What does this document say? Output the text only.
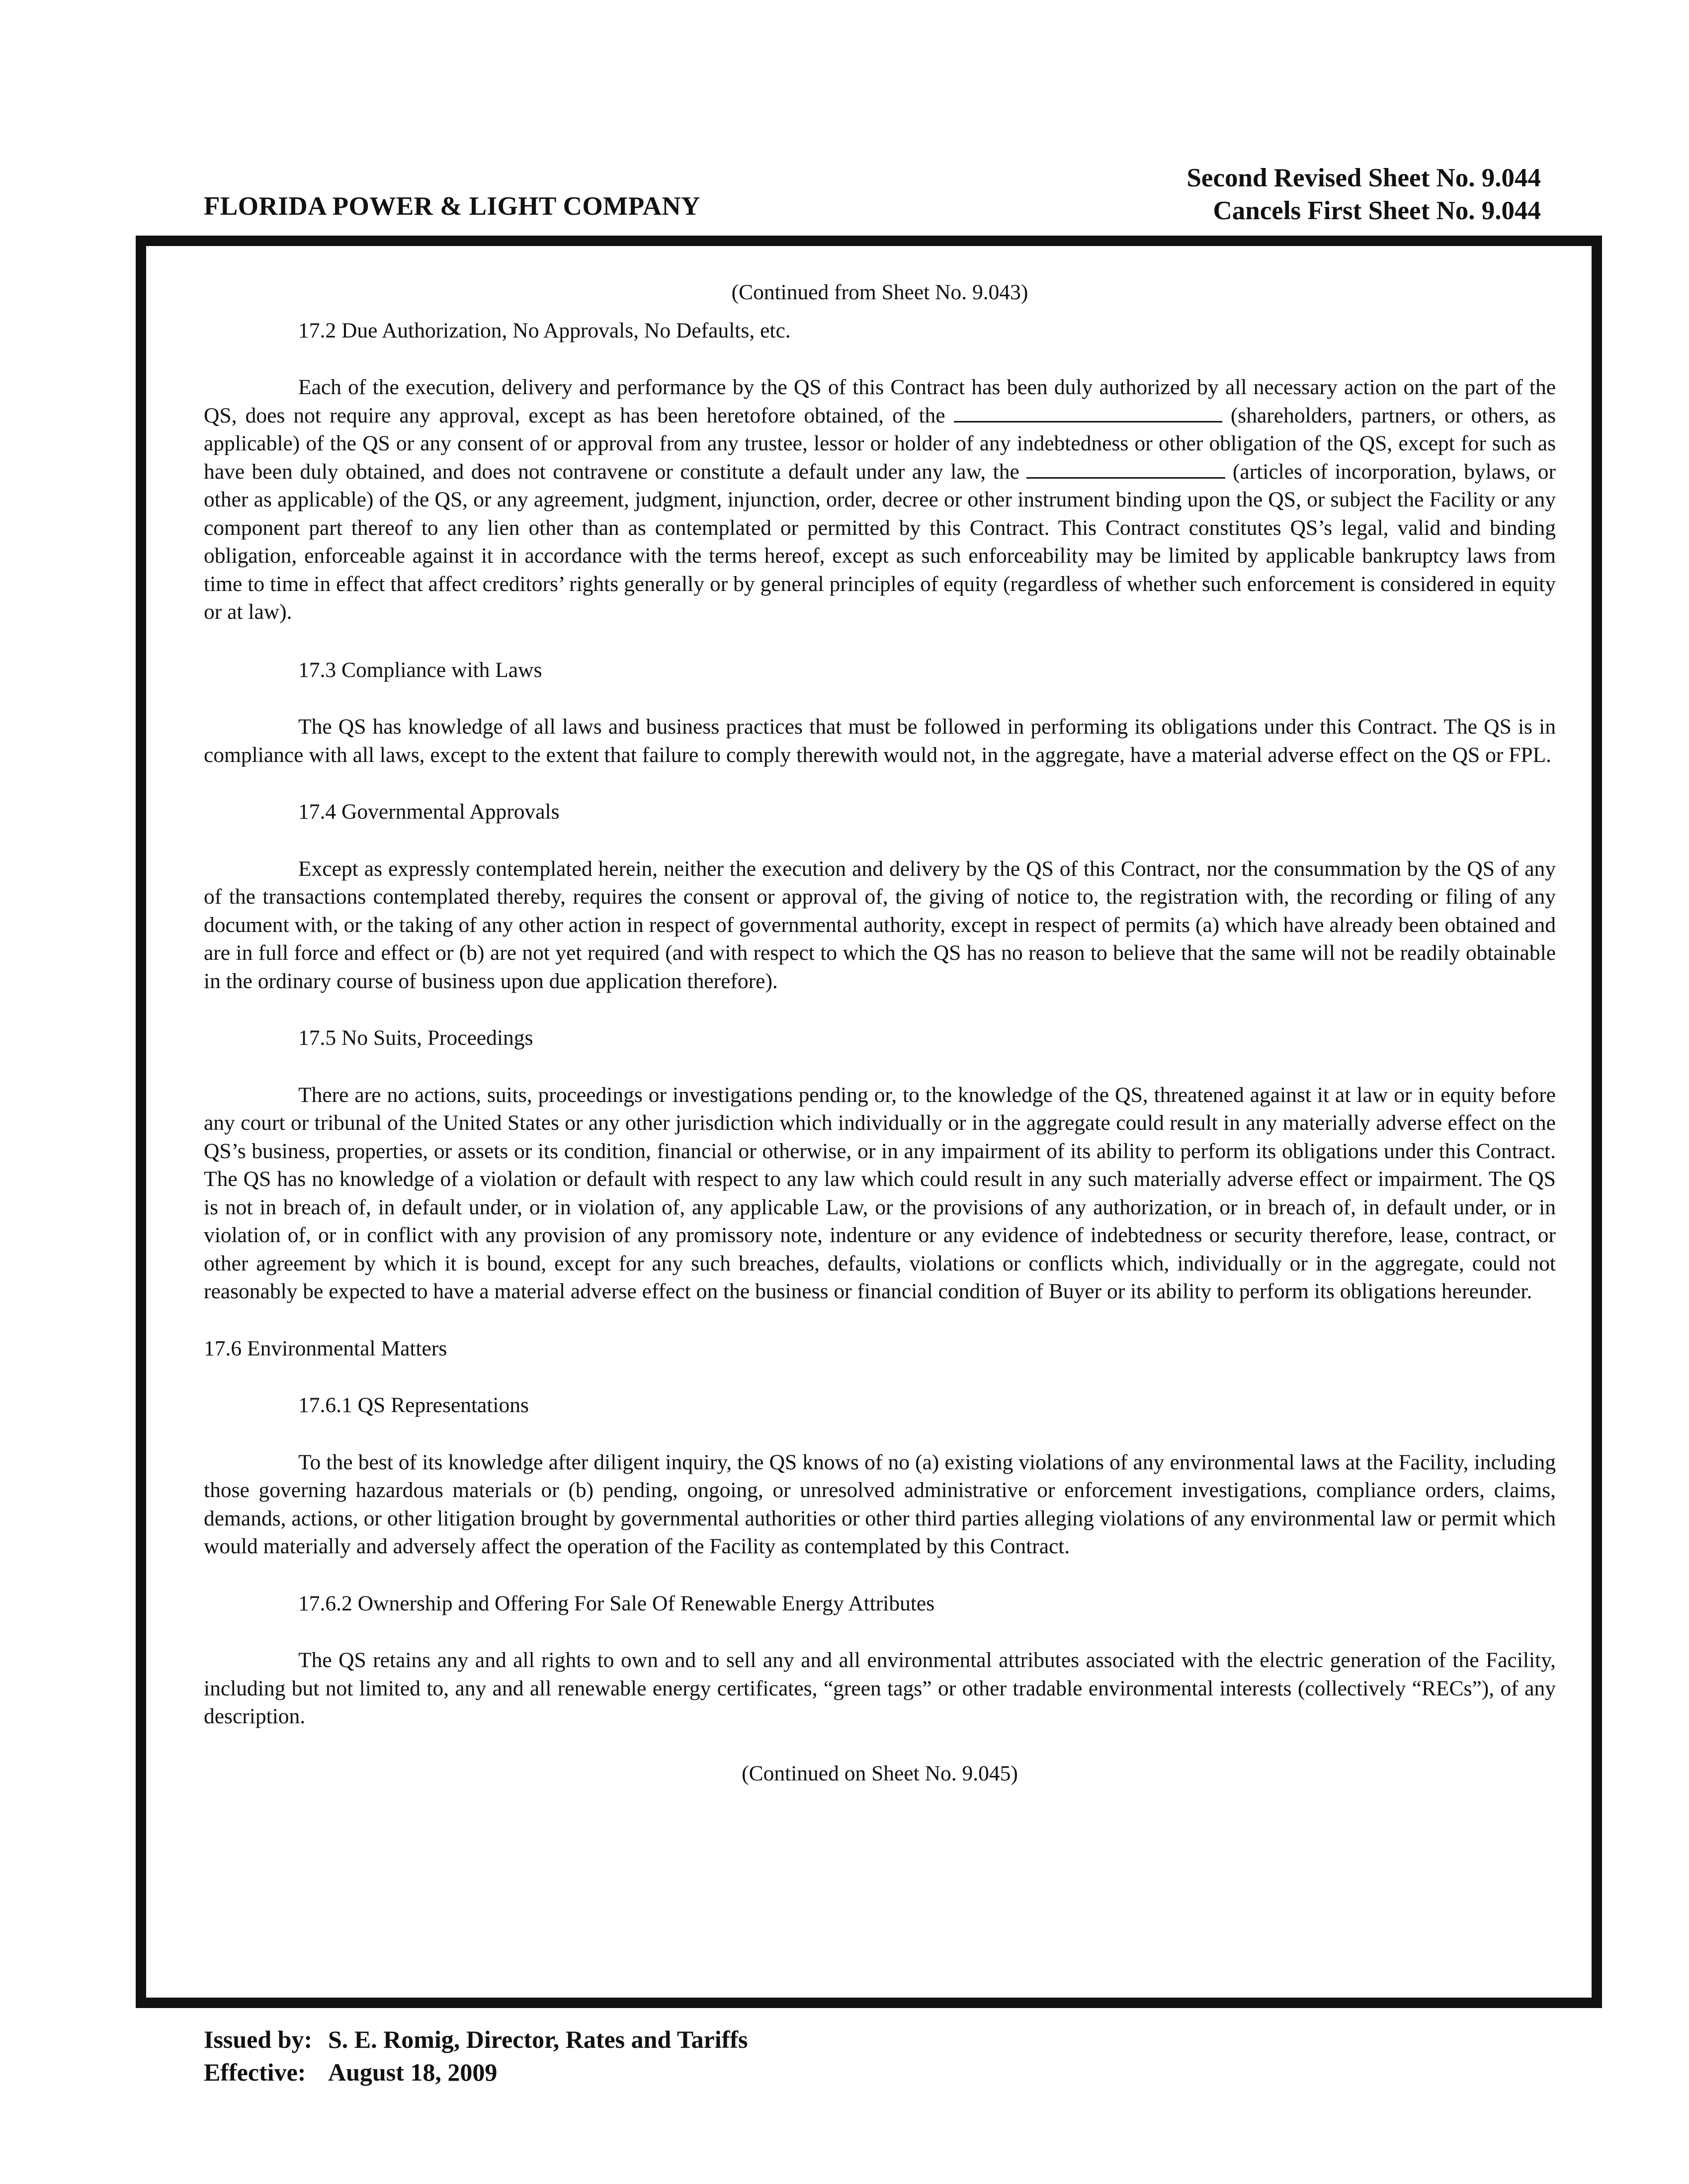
FLORIDA POWER & LIGHT COMPANY
Second Revised Sheet No. 9.044
Cancels First Sheet No. 9.044
(Continued from Sheet No. 9.043)
17.2 Due Authorization, No Approvals, No Defaults, etc.

Each of the execution, delivery and performance by the QS of this Contract has been duly authorized by all necessary action on the part of the QS, does not require any approval, except as has been heretofore obtained, of the	(shareholders, partners, or others, as applicable) of the QS or any consent of or approval from any trustee, lessor or holder of any indebtedness or other obligation of the QS, except for such as have been duly obtained, and does not contravene or constitute a default under any law, the	(articles of incorporation, bylaws, or other as applicable) of the QS, or any agreement, judgment, injunction, order, decree or other instrument binding upon the QS, or subject the Facility or any component part thereof to any lien other than as contemplated or permitted by this Contract. This Contract constitutes QS’s legal, valid and binding obligation, enforceable against it in accordance with the terms hereof, except as such enforceability may be limited by applicable bankruptcy laws from time to time in effect that affect creditors’ rights generally or by general principles of equity (regardless of whether such enforcement is considered in equity or at law).

17.3 Compliance with Laws

The QS has knowledge of all laws and business practices that must be followed in performing its obligations under this Contract. The QS is in compliance with all laws, except to the extent that failure to comply therewith would not, in the aggregate, have a material adverse effect on the QS or FPL.

17.4 Governmental Approvals

Except as expressly contemplated herein, neither the execution and delivery by the QS of this Contract, nor the consummation by the QS of any of the transactions contemplated thereby, requires the consent or approval of, the giving of notice to, the registration with, the recording or filing of any document with, or the taking of any other action in respect of governmental authority, except in respect of permits (a) which have already been obtained and are in full force and effect or (b) are not yet required (and with respect to which the QS has no reason to believe that the same will not be readily obtainable in the ordinary course of business upon due application therefore).

17.5 No Suits, Proceedings

There are no actions, suits, proceedings or investigations pending or, to the knowledge of the QS, threatened against it at law or in equity before any court or tribunal of the United States or any other jurisdiction which individually or in the aggregate could result in any materially adverse effect on the QS’s business, properties, or assets or its condition, financial or otherwise, or in any impairment of its ability to perform its obligations under this Contract. The QS has no knowledge of a violation or default with respect to any law which could result in any such materially adverse effect or impairment. The QS is not in breach of, in default under, or in violation of, any applicable Law, or the provisions of any authorization, or in breach of, in default under, or in violation of, or in conflict with any provision of any promissory note, indenture or any evidence of indebtedness or security therefore, lease, contract, or other agreement by which it is bound, except for any such breaches, defaults, violations or conflicts which, individually or in the aggregate, could not reasonably be expected to have a material adverse effect on the business or financial condition of Buyer or its ability to perform its obligations hereunder.

17.6 Environmental Matters
17.6.1 QS Representations

To the best of its knowledge after diligent inquiry, the QS knows of no (a) existing violations of any environmental laws at the Facility, including those governing hazardous materials or (b) pending, ongoing, or unresolved administrative or enforcement investigations, compliance orders, claims, demands, actions, or other litigation brought by governmental authorities or other third parties alleging violations of any environmental law or permit which would materially and adversely affect the operation of the Facility as contemplated by this Contract.

17.6.2 Ownership and Offering For Sale Of Renewable Energy Attributes

The QS retains any and all rights to own and to sell any and all environmental attributes associated with the electric generation of the Facility, including but not limited to, any and all renewable energy certificates, “green tags” or other tradable environmental interests (collectively “RECs”), of any description.

(Continued on Sheet No. 9.045)
Issued by: S. E. Romig, Director, Rates and Tariffs
Effective: August 18, 2009
